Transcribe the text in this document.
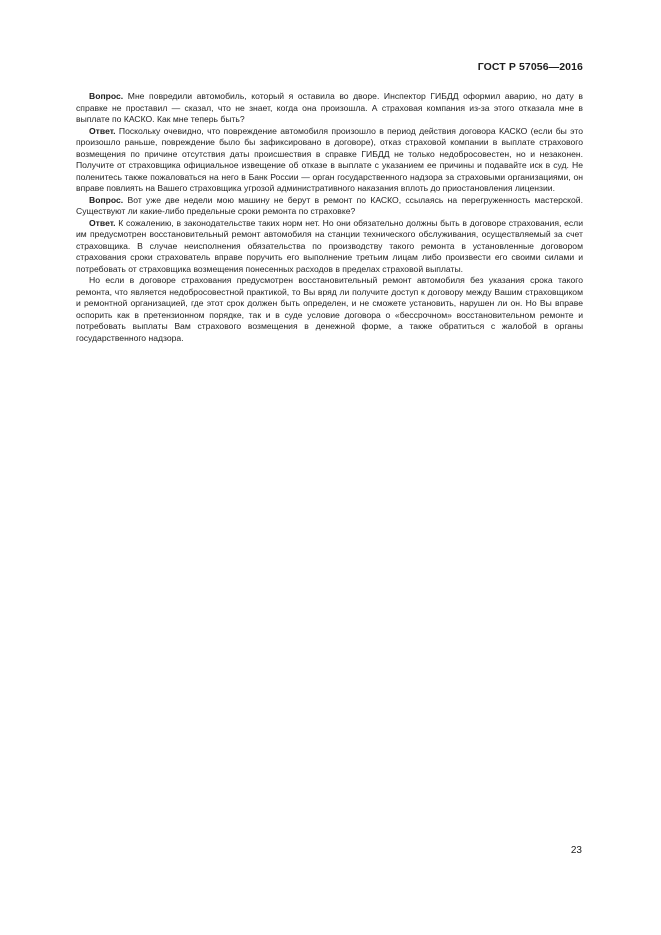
ГОСТ Р 57056—2016

Вопрос. Мне повредили автомобиль, который я оставила во дворе. Инспектор ГИБДД оформил аварию, но дату в справке не проставил — сказал, что не знает, когда она произошла. А страховая компания из-за этого отказала мне в выплате по КАСКО. Как мне теперь быть?

Ответ. Поскольку очевидно, что повреждение автомобиля произошло в период действия договора КАСКО (если бы это произошло раньше, повреждение было бы зафиксировано в договоре), отказ страховой компании в выплате страхового возмещения по причине отсутствия даты происшествия в справке ГИБДД не только недобросовестен, но и незаконен. Получите от страховщика официальное извещение об отказе в выплате с указанием ее причины и подавайте иск в суд. Не поленитесь также пожаловаться на него в Банк России — орган государственного надзора за страховыми организациями, он вправе повлиять на Вашего страховщика угрозой административного наказания вплоть до приостановления лицензии.

Вопрос. Вот уже две недели мою машину не берут в ремонт по КАСКО, ссылаясь на перегруженность мастерской. Существуют ли какие-либо предельные сроки ремонта по страховке?

Ответ. К сожалению, в законодательстве таких норм нет. Но они обязательно должны быть в договоре страхования, если им предусмотрен восстановительный ремонт автомобиля на станции технического обслуживания, осуществляемый за счет страховщика. В случае неисполнения обязательства по производству такого ремонта в установленные договором страхования сроки страхователь вправе поручить его выполнение третьим лицам либо произвести его своими силами и потребовать от страховщика возмещения понесенных расходов в пределах страховой выплаты.

Но если в договоре страхования предусмотрен восстановительный ремонт автомобиля без указания срока такого ремонта, что является недобросовестной практикой, то Вы вряд ли получите доступ к договору между Вашим страховщиком и ремонтной организацией, где этот срок должен быть определен, и не сможете установить, нарушен ли он. Но Вы вправе оспорить как в претензионном порядке, так и в суде условие договора о «бессрочном» восстановительном ремонте и потребовать выплаты Вам страхового возмещения в денежной форме, а также обратиться с жалобой в органы государственного надзора.

23
